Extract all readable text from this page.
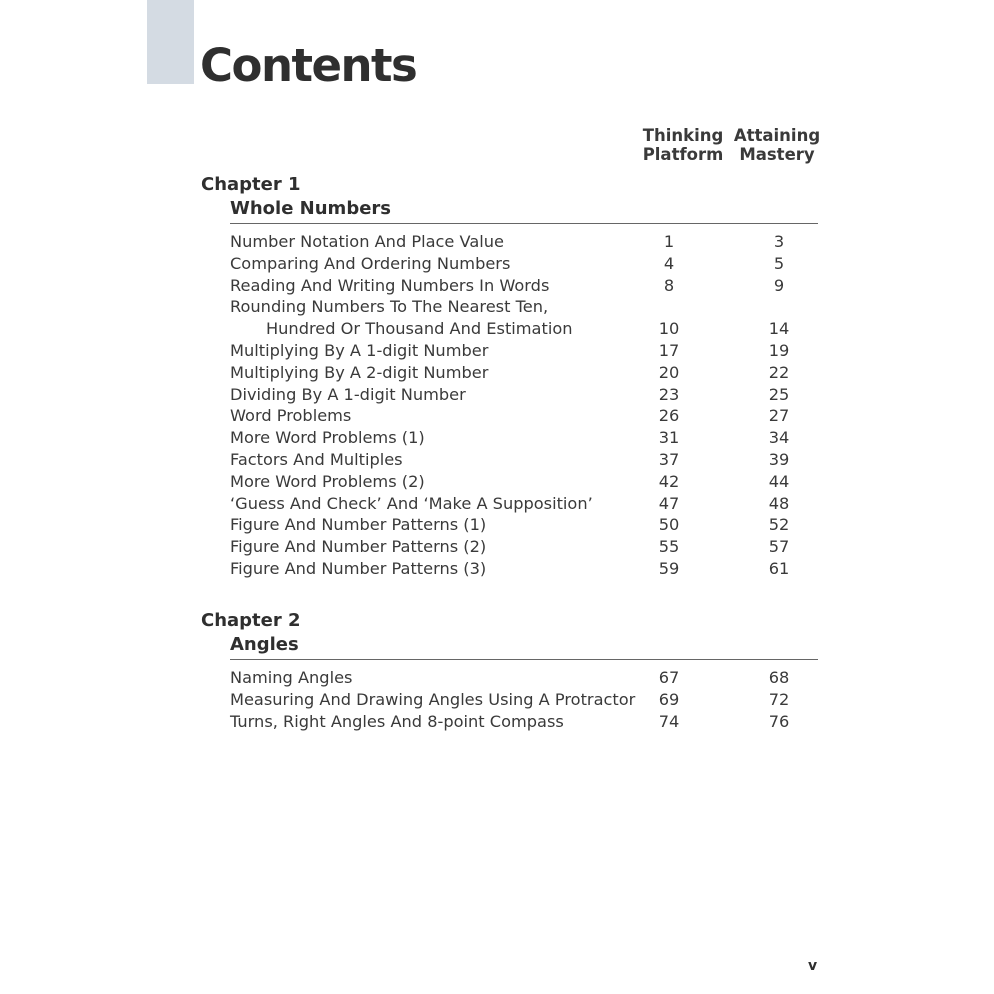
Contents
Thinking
Platform
Attaining
Mastery
Chapter 1
Whole Numbers
Number Notation And Place Value	1	3
Comparing And Ordering Numbers	4	5
Reading And Writing Numbers In Words	8	9
Rounding Numbers To The Nearest Ten,
Hundred Or Thousand And Estimation	10	14
Multiplying By A 1-digit Number	17	19
Multiplying By A 2-digit Number	20	22
Dividing By A 1-digit Number	23	25
Word Problems	26	27
More Word Problems (1)	31	34
Factors And Multiples	37	39
More Word Problems (2)	42	44
‘Guess And Check’ And ‘Make A Supposition’	47	48
Figure And Number Patterns (1)	50	52
Figure And Number Patterns (2)	55	57
Figure And Number Patterns (3)	59	61
Chapter 2
Angles
Naming Angles	67	68
Measuring And Drawing Angles Using A Protractor	69	72
Turns, Right Angles And 8-point Compass	74	76
v
